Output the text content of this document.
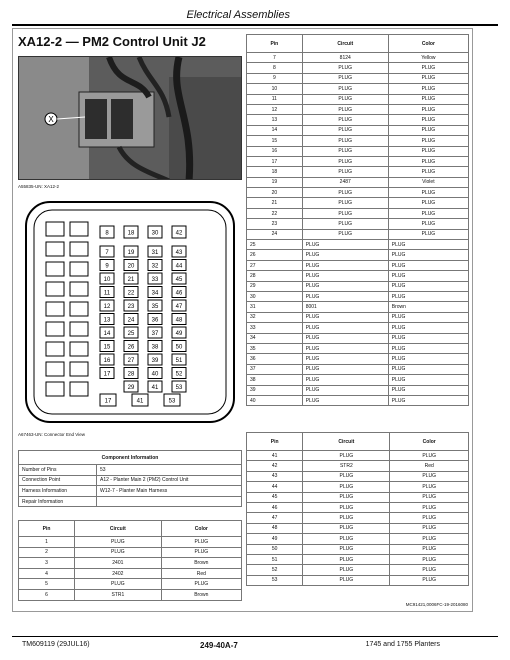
Electrical Assemblies
XA12-2 — PM2 Control Unit J2
X
A55835-UN: XA12-2
8	18	30	42
7
9
10
11
12
13
14
15
16
17
19
20
21
22
23
24
25
26
27
28
29
31
32
33
34
35
36
37
38
39
40
41
43
44
45
46
47
48
49
50
51
52
53
17	41	53
A67463-UN: Connector End View
Component Information	
Number of Pins	53
Connection Point	A12 - Planter Main 2 (PM2) Control Unit
Harness Information	W12-7 - Planter Main Harness
Repair Information	
Pin	Circuit	Color
1	PLUG	PLUG
2	PLUG	PLUG
3	2401	Brown
4	2402	Red
5	PLUG	PLUG
6	STR1	Brown
Pin	Circuit	Color
7	8124	Yellow
8	PLUG	PLUG
9	PLUG	PLUG
10	PLUG	PLUG
11	PLUG	PLUG
12	PLUG	PLUG
13	PLUG	PLUG
14	PLUG	PLUG
15	PLUG	PLUG
16	PLUG	PLUG
17	PLUG	PLUG
18	PLUG	PLUG
19	2487	Violet
20	PLUG	PLUG
21	PLUG	PLUG
22	PLUG	PLUG
23	PLUG	PLUG
24	PLUG	PLUG
25	PLUG	PLUG
26	PLUG	PLUG
27	PLUG	PLUG
28	PLUG	PLUG
29	PLUG	PLUG
30	PLUG	PLUG
31	8001	Brown
32	PLUG	PLUG
33	PLUG	PLUG
34	PLUG	PLUG
35	PLUG	PLUG
36	PLUG	PLUG
37	PLUG	PLUG
38	PLUG	PLUG
39	PLUG	PLUG
40	PLUG	PLUG
Pin	Circuit	Color
41	PLUG	PLUG
42	STR2	Red
43	PLUG	PLUG
44	PLUG	PLUG
45	PLUG	PLUG
46	PLUG	PLUG
47	PLUG	PLUG
48	PLUG	PLUG
49	PLUG	PLUG
50	PLUG	PLUG
51	PLUG	PLUG
52	PLUG	PLUG
53	PLUG	PLUG
MC91421,0006FC-19-2016080
TM609119 (29JUL16)	249-40A-7	1745 and 1755 Planters
